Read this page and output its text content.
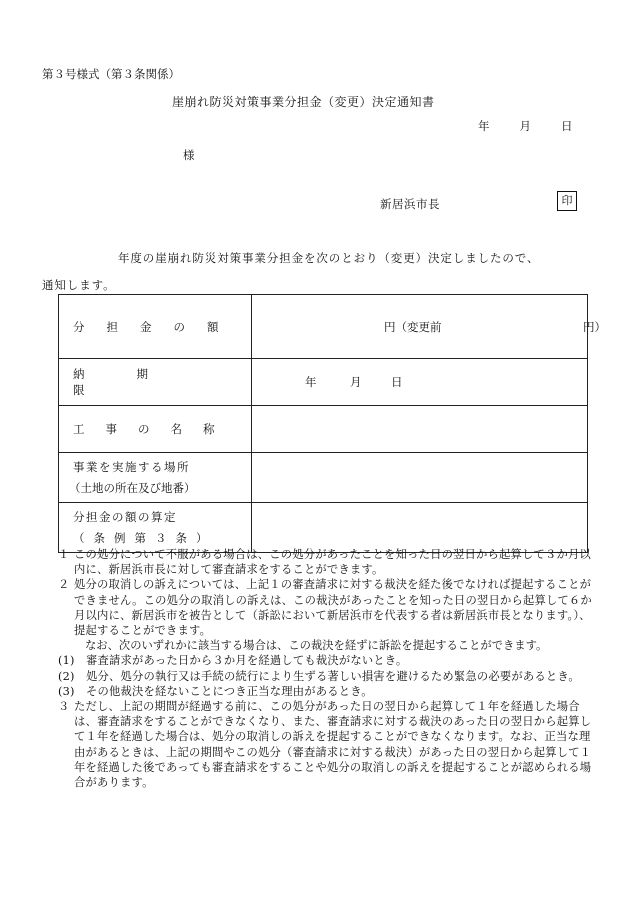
第３号様式（第３条関係）
崖崩れ防災対策事業分担金（変更）決定通知書
年	月	日
様
新居浜市長	印
年度の崖崩れ防災対策事業分担金を次のとおり（変更）決定しましたので、
通知します。
分担金の額	円（変更前 円）

納期限	年 月 日

工事の名称	

事業を実施する場所
（土地の所在及び地番）	

分担金の額の算定
（条例第３条）	

１ この処分について不服がある場合は、この処分があったことを知った日の翌日から起算して３か月以内に、新居浜市長に対して審査請求をすることができます。
２ 処分の取消しの訴えについては、上記１の審査請求に対する裁決を経た後でなければ提起することができません。この処分の取消しの訴えは、この裁決があったことを知った日の翌日から起算して６か月以内に、新居浜市を被告として（訴訟において新居浜市を代表する者は新居浜市長となります。）、提起することができます。
なお、次のいずれかに該当する場合は、この裁決を経ずに訴訟を提起することができます。
(1) 審査請求があった日から３か月を経過しても裁決がないとき。
(2) 処分、処分の執行又は手続の続行により生ずる著しい損害を避けるため緊急の必要があるとき。
(3) その他裁決を経ないことにつき正当な理由があるとき。
３ ただし、上記の期間が経過する前に、この処分があった日の翌日から起算して１年を経過した場合は、審査請求をすることができなくなり、また、審査請求に対する裁決のあった日の翌日から起算して１年を経過した場合は、処分の取消しの訴えを提起することができなくなります。なお、正当な理由があるときは、上記の期間やこの処分（審査請求に対する裁決）があった日の翌日から起算して１年を経過した後であっても審査請求をすることや処分の取消しの訴えを提起することが認められる場合があります。
